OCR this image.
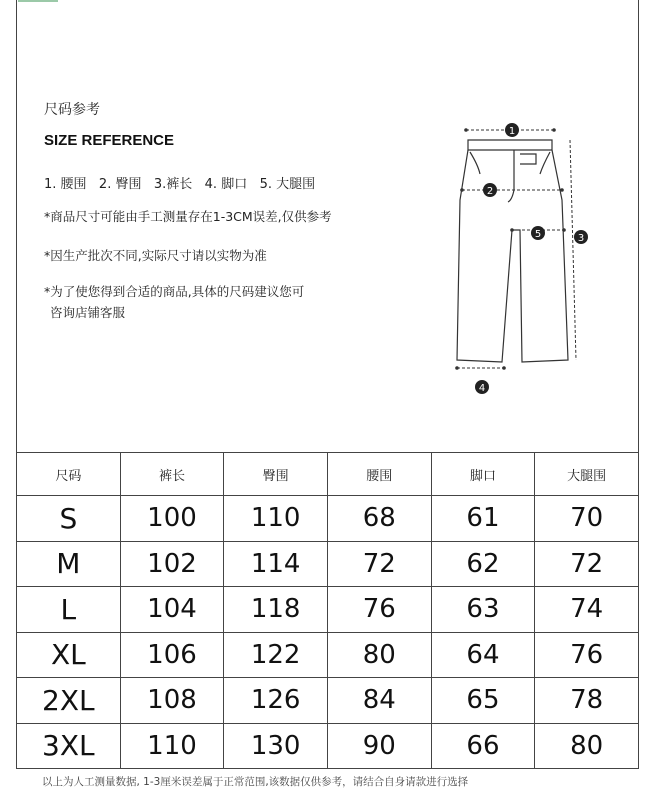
尺码参考
SIZE REFERENCE
1. 腰围   2. 臀围   3.裤长   4. 脚口   5. 大腿围
*商品尺寸可能由手工测量存在1-3CM误差,仅供参考
*因生产批次不同,实际尺寸请以实物为准
*为了使您得到合适的商品,具体的尺码建议您可
咨询店铺客服
1
2
3
4
5
尺码	裤长	臀围	腰围	脚口	大腿围
S	100	110	68	61	70
M	102	114	72	62	72
L	104	118	76	63	74
XL	106	122	80	64	76
2XL	108	126	84	65	78
3XL	110	130	90	66	80
以上为人工测量数据, 1-3厘米误差属于正常范围,该数据仅供参考，请结合自身请款进行选择
